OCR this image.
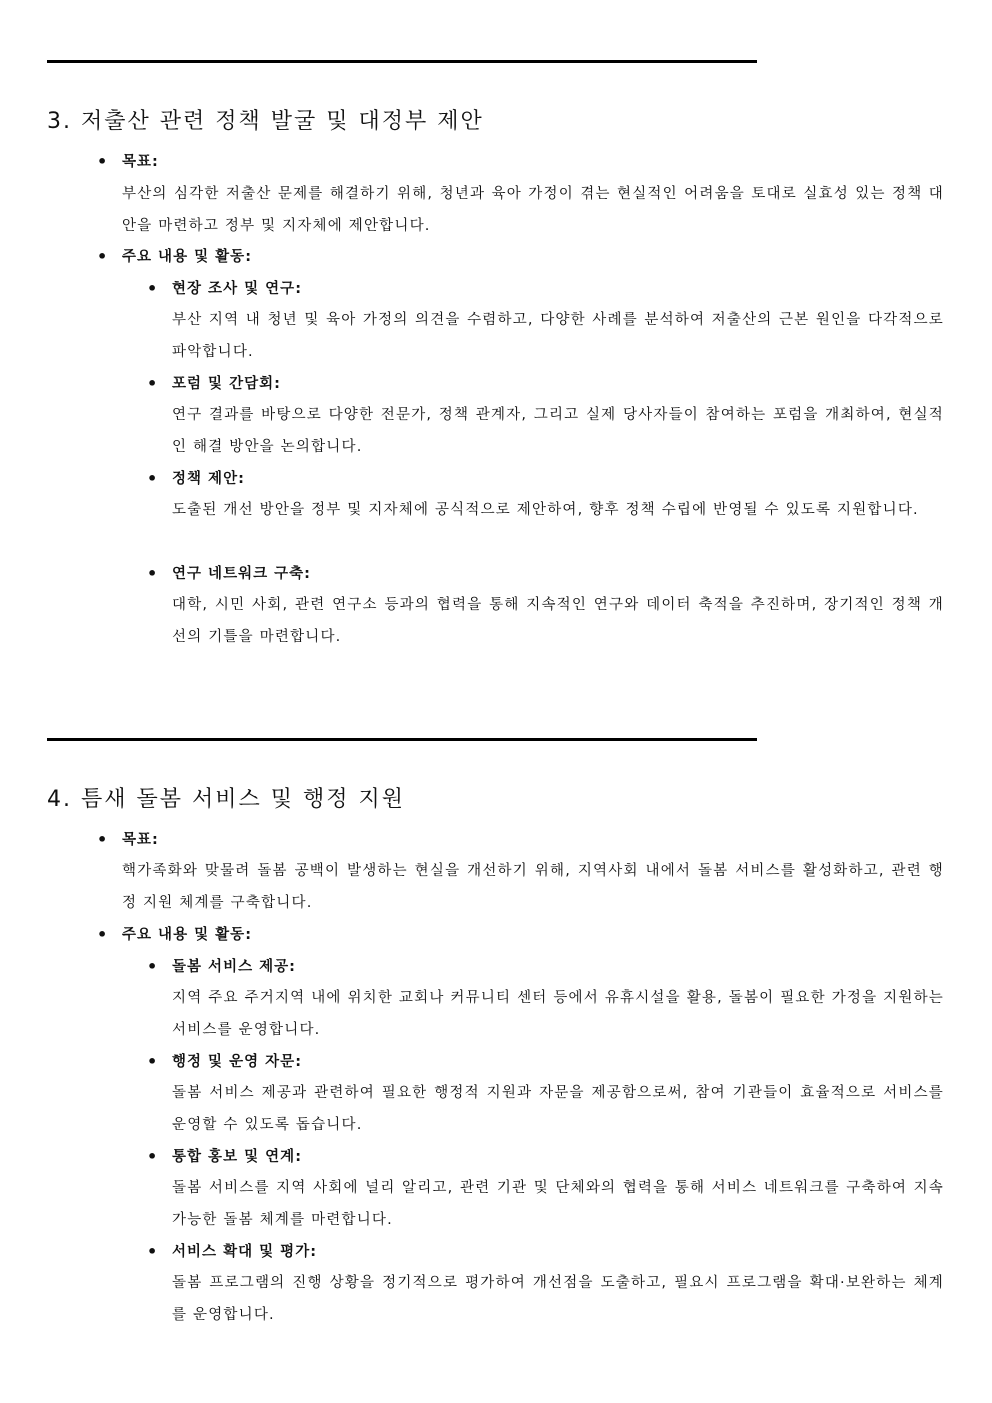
3. 저출산 관련 정책 발굴 및 대정부 제안
• 목표:

부산의 심각한 저출산 문제를 해결하기 위해, 청년과 육아 가정이 겪는 현실적인 어려움을 토대로 실효성 있는 정책 대안을 마련하고 정부 및 지자체에 제안합니다.

• 주요 내용 및 활동:
• 현장 조사 및 연구:

부산 지역 내 청년 및 육아 가정의 의견을 수렴하고, 다양한 사례를 분석하여 저출산의 근본 원인을 다각적으로 파악합니다.

• 포럼 및 간담회:

연구 결과를 바탕으로 다양한 전문가, 정책 관계자, 그리고 실제 당사자들이 참여하는 포럼을 개최하여, 현실적인 해결 방안을 논의합니다.

• 정책 제안:

도출된 개선 방안을 정부 및 지자체에 공식적으로 제안하여, 향후 정책 수립에 반영될 수 있도록 지원합니다.

• 연구 네트워크 구축:

대학, 시민 사회, 관련 연구소 등과의 협력을 통해 지속적인 연구와 데이터 축적을 추진하며, 장기적인 정책 개선의 기틀을 마련합니다.

4. 틈새 돌봄 서비스 및 행정 지원
• 목표:

핵가족화와 맞물려 돌봄 공백이 발생하는 현실을 개선하기 위해, 지역사회 내에서 돌봄 서비스를 활성화하고, 관련 행정 지원 체계를 구축합니다.

• 주요 내용 및 활동:
• 돌봄 서비스 제공:

지역 주요 주거지역 내에 위치한 교회나 커뮤니티 센터 등에서 유휴시설을 활용, 돌봄이 필요한 가정을 지원하는 서비스를 운영합니다.

• 행정 및 운영 자문:

돌봄 서비스 제공과 관련하여 필요한 행정적 지원과 자문을 제공함으로써, 참여 기관들이 효율적으로 서비스를 운영할 수 있도록 돕습니다.

• 통합 홍보 및 연계:

돌봄 서비스를 지역 사회에 널리 알리고, 관련 기관 및 단체와의 협력을 통해 서비스 네트워크를 구축하여 지속 가능한 돌봄 체계를 마련합니다.

• 서비스 확대 및 평가:

돌봄 프로그램의 진행 상황을 정기적으로 평가하여 개선점을 도출하고, 필요시 프로그램을 확대·보완하는 체계를 운영합니다.
